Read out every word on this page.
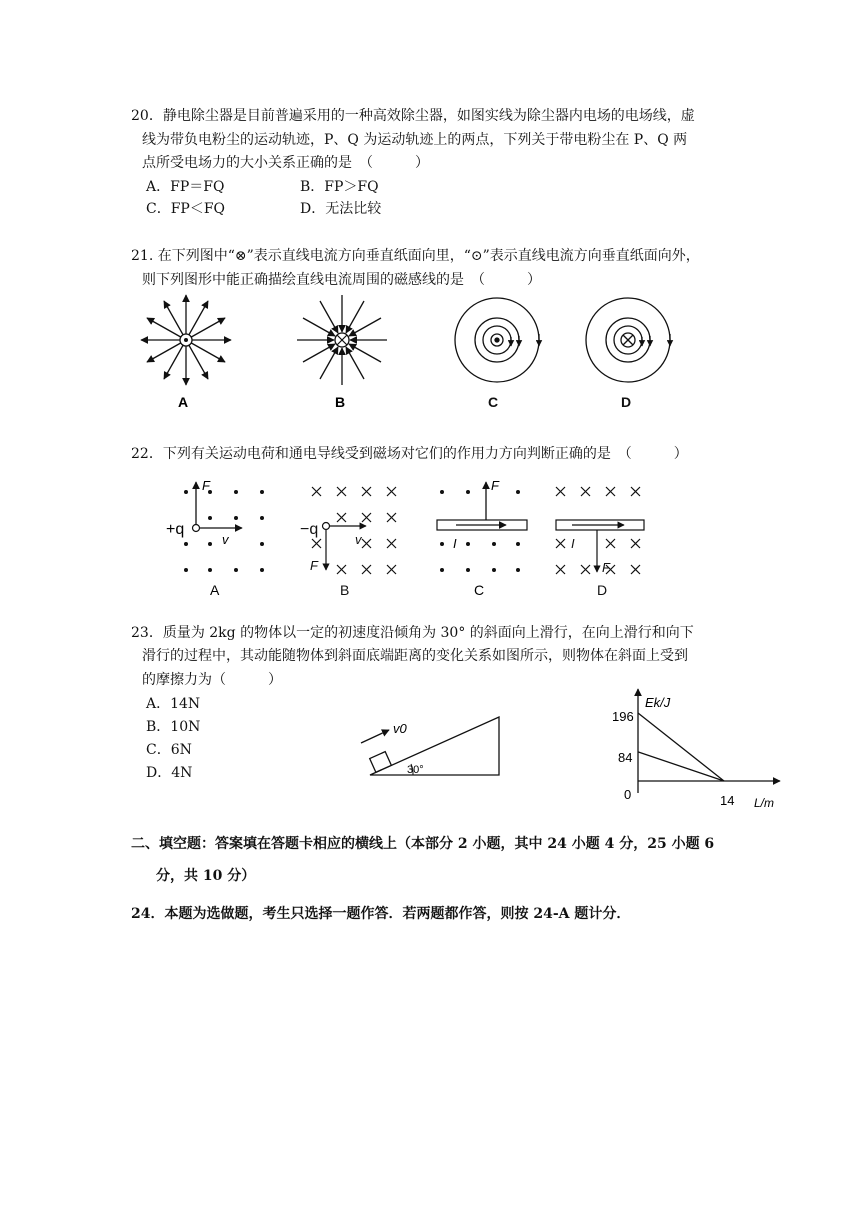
20．静电除尘器是目前普遍采用的一种高效除尘器，如图实线为除尘器内电场的电场线，虚
线为带负电粉尘的运动轨迹，P、Q 为运动轨迹上的两点，下列关于带电粉尘在 P、Q 两
点所受电场力的大小关系正确的是　（　　　）
A．FP＝FQ	B．FP＞FQ
C．FP＜FQ	D．无法比较
21. 在下列图中“⊗”表示直线电流方向垂直纸面向里，“⊙”表示直线电流方向垂直纸面向外，
则下列图形中能正确描绘直线电流周围的磁感线的是　（　　　）
A	B	C	D
22．下列有关运动电荷和通电导线受到磁场对它们的作用力方向判断正确的是　（　　　）
F
+q
v
A
−q
v
F
B
F
I
C
I
F
D
23．质量为 2kg 的物体以一定的初速度沿倾角为 30° 的斜面向上滑行，在向上滑行和向下
滑行的过程中，其动能随物体到斜面底端距离的变化关系如图所示，则物体在斜面上受到
的摩擦力为（　　　）
A．14N
B．10N
C．6N
D．4N
v0
30°
Ek/J
196
84
0	14 L/m
二、填空题：答案填在答题卡相应的横线上（本部分 2 小题，其中 24 小题 4 分，25 小题 6
分，共 10 分）
24．本题为选做题，考生只选择一题作答．若两题都作答，则按 24-A 题计分．
